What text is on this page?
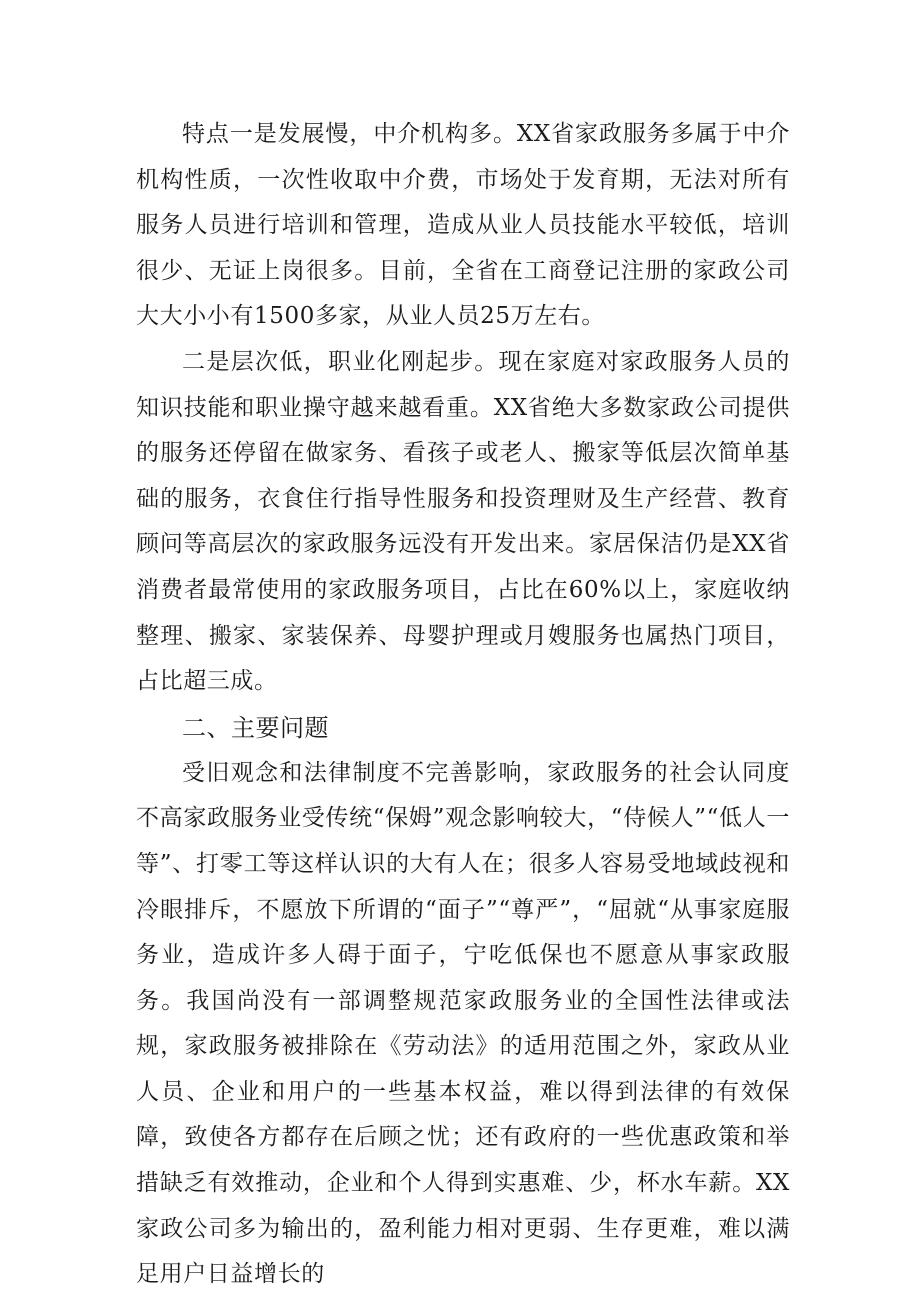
特点一是发展慢，中介机构多。XX省家政服务多属于中介机构性质，一次性收取中介费，市场处于发育期，无法对所有服务人员进行培训和管理，造成从业人员技能水平较低，培训很少、无证上岗很多。目前，全省在工商登记注册的家政公司大大小小有1500多家，从业人员25万左右。

二是层次低，职业化刚起步。现在家庭对家政服务人员的知识技能和职业操守越来越看重。XX省绝大多数家政公司提供的服务还停留在做家务、看孩子或老人、搬家等低层次简单基础的服务，衣食住行指导性服务和投资理财及生产经营、教育顾问等高层次的家政服务远没有开发出来。家居保洁仍是XX省消费者最常使用的家政服务项目，占比在60%以上，家庭收纳整理、搬家、家装保养、母婴护理或月嫂服务也属热门项目，占比超三成。

二、主要问题

受旧观念和法律制度不完善影响，家政服务的社会认同度不高家政服务业受传统“保姆”观念影响较大，“侍候人”“低人一等”、打零工等这样认识的大有人在；很多人容易受地域歧视和冷眼排斥，不愿放下所谓的“面子”“尊严”，“屈就“从事家庭服务业，造成许多人碍于面子，宁吃低保也不愿意从事家政服务。我国尚没有一部调整规范家政服务业的全国性法律或法规，家政服务被排除在《劳动法》的适用范围之外，家政从业人员、企业和用户的一些基本权益，难以得到法律的有效保障，致使各方都存在后顾之忧；还有政府的一些优惠政策和举措缺乏有效推动，企业和个人得到实惠难、少，杯水车薪。XX家政公司多为输出的，盈利能力相对更弱、生存更难，难以满足用户日益增长的
